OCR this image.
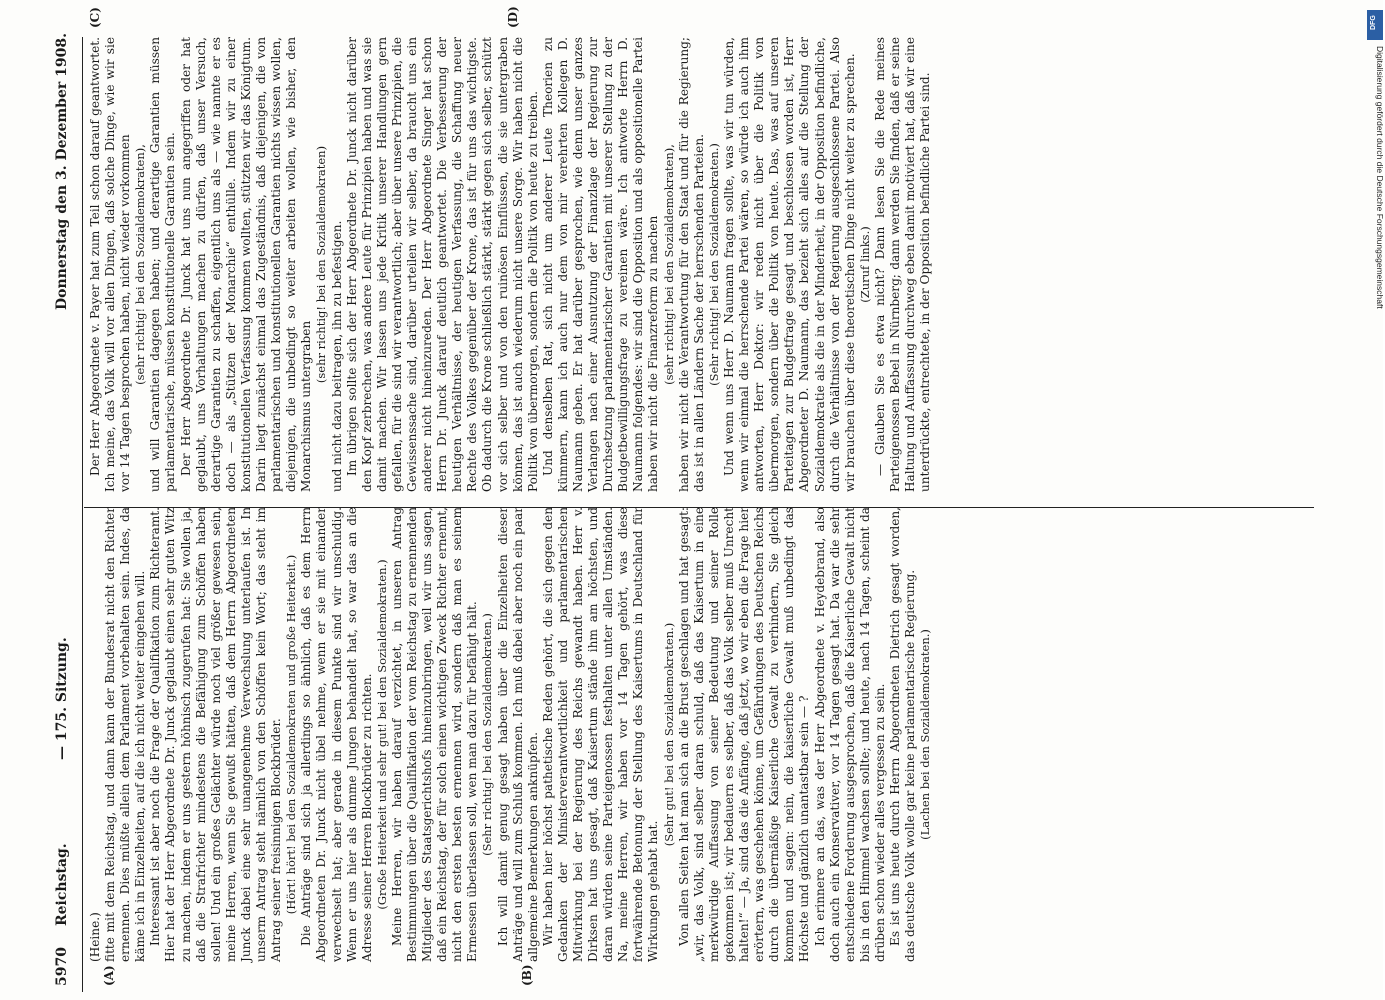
5970
Reichstag.
— 175. Sitzung.
Donnerstag den 3. Dezember 1908.
(A)	(B)
(C)	(D)

(Heine.) fitte mit dem Reichstag, und dann kann der Bundesrat nicht den Richter ernennen. Dies müßte allein dem Parlament vorbehalten sein. Indes, da käme ich in Einzelheiten, auf die ich nicht weiter eingehen will. Interessant ist aber noch die Frage der Qualifikation zum Richteramt. Hier hat der Herr Abgeordnete Dr. Junck geglaubt einen sehr guten Witz zu machen, indem er uns gestern höhnisch zugerufen hat: Sie wollen ja, daß die Strafrichter mindestens die Befähigung zum Schöffen haben sollen! Und ein großes Gelächter würde noch viel größer gewesen sein, meine Herren, wenn Sie gewußt hätten, daß dem Herrn Abgeordneten Junck dabei eine sehr unangenehme Verwechslung unterlaufen ist. In unserm Antrag steht nämlich von den Schöffen kein Wort; das steht im Antrag seiner freisinnigen Blockbrüder. (Hört! hört! bei den Sozialdemokraten und große Heiterkeit.) Die Anträge sind sich ja allerdings so ähnlich, daß es dem Herrn Abgeordneten Dr. Junck nicht übel nehme, wenn er sie mit einander verwechselt hat; aber gerade in diesem Punkte sind wir unschuldig. Wenn er uns hier als dumme Jungen behandelt hat, so war das an die Adresse seiner Herren Blockbrüder zu richten. (Große Heiterkeit und sehr gut! bei den Sozialdemokraten.) Meine Herren, wir haben darauf verzichtet, in unseren Antrag Bestimmungen über die Qualifikation der vom Reichstag zu ernennenden Mitglieder des Staatsgerichtshofs hineinzubringen, weil wir uns sagen, daß ein Reichstag, der für solch einen wichtigen Zweck Richter ernennt, nicht den ersten besten ernennen wird, sondern daß man es seinem Ermessen überlassen soll, wen man dazu für befähigt hält. (Sehr richtig! bei den Sozialdemokraten.) Ich will damit genug gesagt haben über die Einzelheiten dieser Anträge und will zum Schluß kommen. Ich muß dabei aber noch ein paar allgemeine Bemerkungen anknüpfen. Wir haben hier höchst pathetische Reden gehört, die sich gegen den Gedanken der Ministerverantwortlichkeit und parlamentarischen Mitwirkung bei der Regierung des Reichs gewandt haben. Herr v. Dirksen hat uns gesagt, daß Kaisertum stände ihm am höchsten, und daran würden seine Parteigenossen festhalten unter allen Umständen. Na, meine Herren, wir haben vor 14 Tagen gehört, was diese fortwährende Betonung der Stellung des Kaisertums in Deutschland für Wirkungen gehabt hat.

(Sehr gut! bei den Sozialdemokraten.) Von allen Seiten hat man sich an die Brust geschlagen und hat gesagt: „wir, das Volk, sind selber daran schuld, daß das Kaisertum in eine merkwürdige Auffassung von seiner Bedeutung und seiner Rolle gekommen ist; wir bedauern es selber, daß das Volk selber muß Unrecht halten!“ — Ja, sind das die Anfänge, daß jetzt, wo wir eben die Frage hier erörtern, was geschehen könne, um Gefährdungen des Deutschen Reichs durch die übermäßige Kaiserliche Gewalt zu verhindern, Sie gleich kommen und sagen: nein, die kaiserliche Gewalt muß unbedingt das Höchste und gänzlich unantastbar sein — ? Ich erinnere an das, was der Herr Abgeordnete v. Heydebrand, also doch auch ein Konservativer, vor 14 Tagen gesagt hat. Da war die sehr entschiedene Forderung ausgesprochen, daß die Kaiserliche Gewalt nicht bis in den Himmel wachsen sollte; und heute, nach 14 Tagen, scheint da drüben schon wieder alles vergessen zu sein. Es ist uns heute durch Herrn Abgeordneten Dietrich gesagt worden, das deutsche Volk wolle gar keine parlamentarische Regierung. (Lachen bei den Sozialdemokraten.)

Der Herr Abgeordnete v. Payer hat zum Teil schon darauf geantwortet. Ich meine, das Volk will vor allen Dingen, daß solche Dinge, wie wir sie vor 14 Tagen besprochen haben, nicht wieder vorkommen (sehr richtig! bei den Sozialdemokraten), und will Garantien dagegen haben; und derartige Garantien müssen parlamentarische, müssen konstitutionelle Garantien sein. Der Herr Abgeordnete Dr. Junck hat uns nun angegriffen oder hat geglaubt, uns Vorhaltungen machen zu dürfen, daß unser Versuch, derartige Garantien zu schaffen, eigentlich uns als — wie nannte er es doch — als „Stützen der Monarchie“ enthülle. Indem wir zu einer konstitutionellen Verfassung kommen wollten, stützten wir das Königtum. Darin liegt zunächst einmal das Zugeständnis, daß diejenigen, die von parlamentarischen und konstitutionellen Garantien nichts wissen wollen, diejenigen, die unbedingt so weiter arbeiten wollen, wie bisher, den Monarchismus untergraben

(sehr richtig! bei den Sozialdemokraten) und nicht dazu beitragen, ihn zu befestigen. Im übrigen sollte sich der Herr Abgeordnete Dr. Junck nicht darüber den Kopf zerbrechen, was andere Leute für Prinzipien haben und was sie damit machen. Wir lassen uns jede Kritik unserer Handlungen gern gefallen, für die sind wir verantwortlich; aber über unsere Prinzipien, die Gewissenssache sind, darüber urteilen wir selber, da braucht uns ein anderer nicht hineinzureden. Der Herr Abgeordnete Singer hat schon Herrn Dr. Junck darauf deutlich geantwortet. Die Verbesserung der heutigen Verhältnisse, der heutigen Verfassung, die Schaffung neuer Rechte des Volkes gegenüber der Krone, das ist für uns das wichtigste. Ob dadurch die Krone schließlich stärkt, stärkt gegen sich selber, schützt vor sich selber und von den ruinösen Einflüssen, die sie untergraben können, das ist auch wiederum nicht unsere Sorge. Wir haben nicht die Politik von übermorgen, sondern die Politik von heute zu treiben. Und denselben Rat, sich nicht um anderer Leute Theorien zu kümmern, kann ich auch nur dem von mir verehrten Kollegen D. Naumann geben. Er hat darüber gesprochen, wie denn unser ganzes Verlangen nach einer Ausnutzung der Finanzlage der Regierung zur Durchsetzung parlamentarischer Garantien mit unserer Stellung zu der Budgetbewilligungsfrage zu vereinen wäre. Ich antworte Herrn D. Naumann folgendes: wir sind die Opposition und als oppositionelle Partei haben wir nicht die Finanzreform zu machen (sehr richtig! bei den Sozialdemokraten), haben wir nicht die Verantwortung für den Staat und für die Regierung; das ist in allen Ländern Sache der herrschenden Parteien. (Sehr richtig! bei den Sozialdemokraten.) Und wenn uns Herr D. Naumann fragen sollte, was wir tun würden, wenn wir einmal die herrschende Partei wären, so würde ich auch ihm antworten, Herr Doktor: wir reden nicht über die Politik von übermorgen, sondern über die Politik von heute. Das, was auf unseren Parteitagen zur Budgetfrage gesagt und beschlossen worden ist, Herr Abgeordneter D. Naumann, das bezieht sich alles auf die Stellung der Sozialdemokratie als die in der Minderheit, in der Opposition befindliche, durch die Verhältnisse von der Regierung ausgeschlossene Partei. Also wir brauchen über diese theoretischen Dinge nicht weiter zu sprechen. (Zuruf links.) — Glauben Sie es etwa nicht? Dann lesen Sie die Rede meines Parteigenossen Bebel in Nürnberg; dann werden Sie finden, daß er seine Haltung und Auffassung durchweg eben damit motiviert hat, daß wir eine unterdrückte, entrechtete, in der Opposition befindliche Partei sind.

DFG
Digitalisierung gefördert durch die Deutsche Forschungsgemeinschaft
